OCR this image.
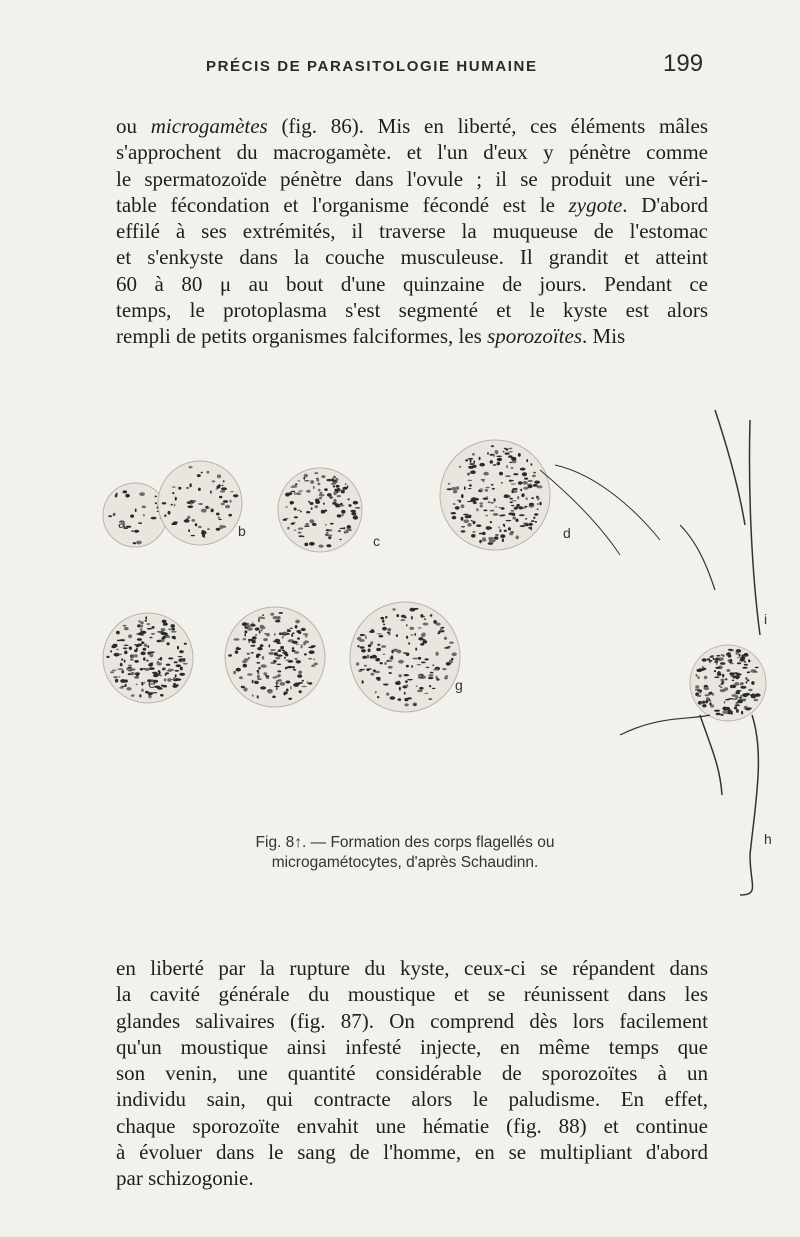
PRÉCIS DE PARASITOLOGIE HUMAINE	199

ou microgamètes (fig. 86). Mis en liberté, ces éléments mâles
s'approchent du macrogamète. et l'un d'eux y pénètre comme
le spermatozoïde pénètre dans l'ovule ; il se produit une véri-
table fécondation et l'organisme fécondé est le zygote. D'abord
effilé à ses extrémités, il traverse la muqueuse de l'estomac
et s'enkyste dans la couche musculeuse. Il grandit et atteint
60 à 80 μ au bout d'une quinzaine de jours. Pendant ce
temps, le protoplasma s'est segmenté et le kyste est alors
rempli de petits organismes falciformes, les sporozoïtes. Mis

a	b
c	d
e	f	g
h
i
Fig. 8↑. — Formation des corps flagellés ou
microgamétocytes, d'après Schaudinn.

en liberté par la rupture du kyste, ceux-ci se répandent dans
la cavité générale du moustique et se réunissent dans les
glandes salivaires (fig. 87). On comprend dès lors facilement
qu'un moustique ainsi infesté injecte, en même temps que
son venin, une quantité considérable de sporozoïtes à un
individu sain, qui contracte alors le paludisme. En effet,
chaque sporozoïte envahit une hématie (fig. 88) et continue
à évoluer dans le sang de l'homme, en se multipliant d'abord
par schizogonie.
